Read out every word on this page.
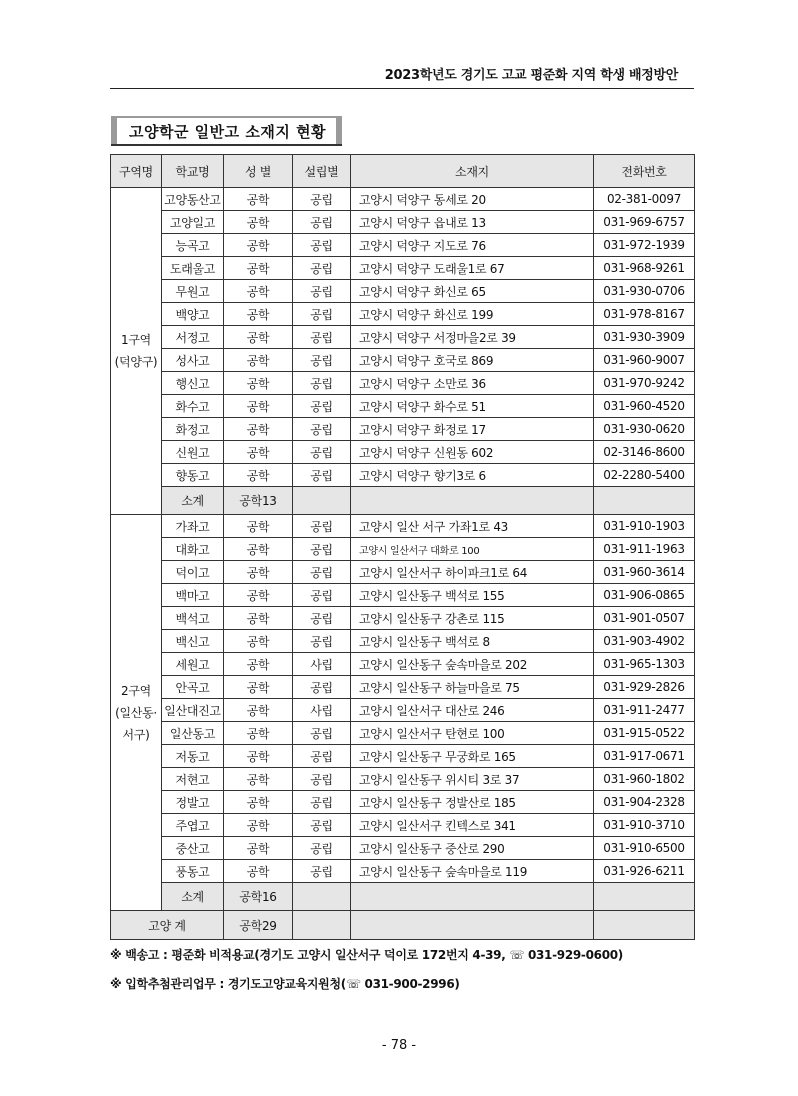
2023학년도 경기도 고교 평준화 지역 학생 배정방안
고양학군 일반고 소재지 현황
구역명	학교명	성 별	설립별	소재지	전화번호

1구역
(덕양구)	고양동산고	공학	공립	고양시 덕양구 동세로 20	02-381-0097
	고양일고	공학	공립	고양시 덕양구 읍내로 13	031-969-6757
	능곡고	공학	공립	고양시 덕양구 지도로 76	031-972-1939
	도래울고	공학	공립	고양시 덕양구 도래울1로 67	031-968-9261
	무원고	공학	공립	고양시 덕양구 화신로 65	031-930-0706
	백양고	공학	공립	고양시 덕양구 화신로 199	031-978-8167
	서정고	공학	공립	고양시 덕양구 서정마을2로 39	031-930-3909
	성사고	공학	공립	고양시 덕양구 호국로 869	031-960-9007
	행신고	공학	공립	고양시 덕양구 소만로 36	031-970-9242
	화수고	공학	공립	고양시 덕양구 화수로 51	031-960-4520
	화정고	공학	공립	고양시 덕양구 화정로 17	031-930-0620
	신원고	공학	공립	고양시 덕양구 신원동 602	02-3146-8600
	향동고	공학	공립	고양시 덕양구 향기3로 6	02-2280-5400
	소계	공학13			

2구역
(일산동·
서구)	가좌고	공학	공립	고양시 일산 서구 가좌1로 43	031-910-1903
	대화고	공학	공립	고양시 일산서구 대화로 100	031-911-1963
	덕이고	공학	공립	고양시 일산서구 하이파크1로 64	031-960-3614
	백마고	공학	공립	고양시 일산동구 백석로 155	031-906-0865
	백석고	공학	공립	고양시 일산동구 강촌로 115	031-901-0507
	백신고	공학	공립	고양시 일산동구 백석로 8	031-903-4902
	세원고	공학	사립	고양시 일산동구 숲속마을로 202	031-965-1303
	안곡고	공학	공립	고양시 일산동구 하늘마을로 75	031-929-2826
	일산대진고	공학	사립	고양시 일산서구 대산로 246	031-911-2477
	일산동고	공학	공립	고양시 일산서구 탄현로 100	031-915-0522
	저동고	공학	공립	고양시 일산동구 무궁화로 165	031-917-0671
	저현고	공학	공립	고양시 일산동구 위시티 3로 37	031-960-1802
	정발고	공학	공립	고양시 일산동구 정발산로 185	031-904-2328
	주엽고	공학	공립	고양시 일산서구 킨텍스로 341	031-910-3710
	중산고	공학	공립	고양시 일산동구 중산로 290	031-910-6500
	풍동고	공학	공립	고양시 일산동구 숲속마을로 119	031-926-6211
	소계	공학16			
고양 계		공학29			
※ 백송고 : 평준화 비적용교(경기도 고양시 일산서구 덕이로 172번지 4-39, ☏ 031-929-0600)
※ 입학추첨관리업무 : 경기도고양교육지원청(☏ 031-900-2996)
- 78 -
